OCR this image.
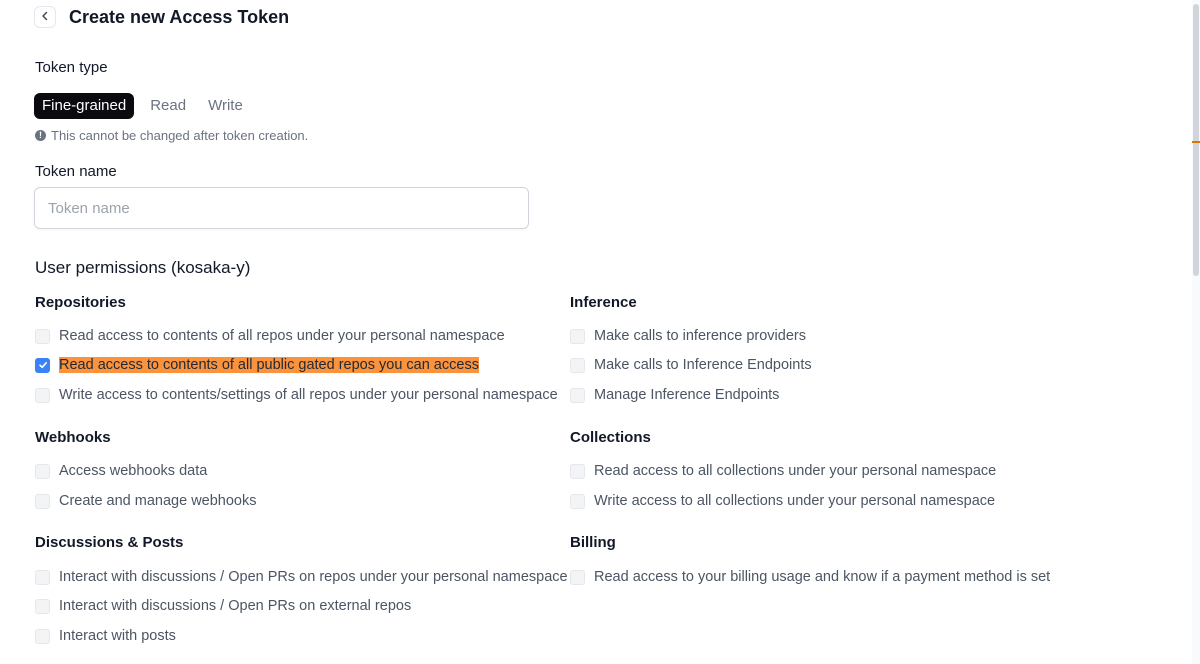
Create new Access Token
Token type
Fine-grained	Read	Write
! This cannot be changed after token creation.
Token name
Token name
User permissions (kosaka-y)
Repositories
Read access to contents of all repos under your personal namespace
Read access to contents of all public gated repos you can access
Write access to contents/settings of all repos under your personal namespace
Inference
Make calls to inference providers
Make calls to Inference Endpoints
Manage Inference Endpoints
Webhooks
Access webhooks data
Create and manage webhooks
Collections
Read access to all collections under your personal namespace
Write access to all collections under your personal namespace
Discussions & Posts
Interact with discussions / Open PRs on repos under your personal namespace
Interact with discussions / Open PRs on external repos
Interact with posts
Billing
Read access to your billing usage and know if a payment method is set
